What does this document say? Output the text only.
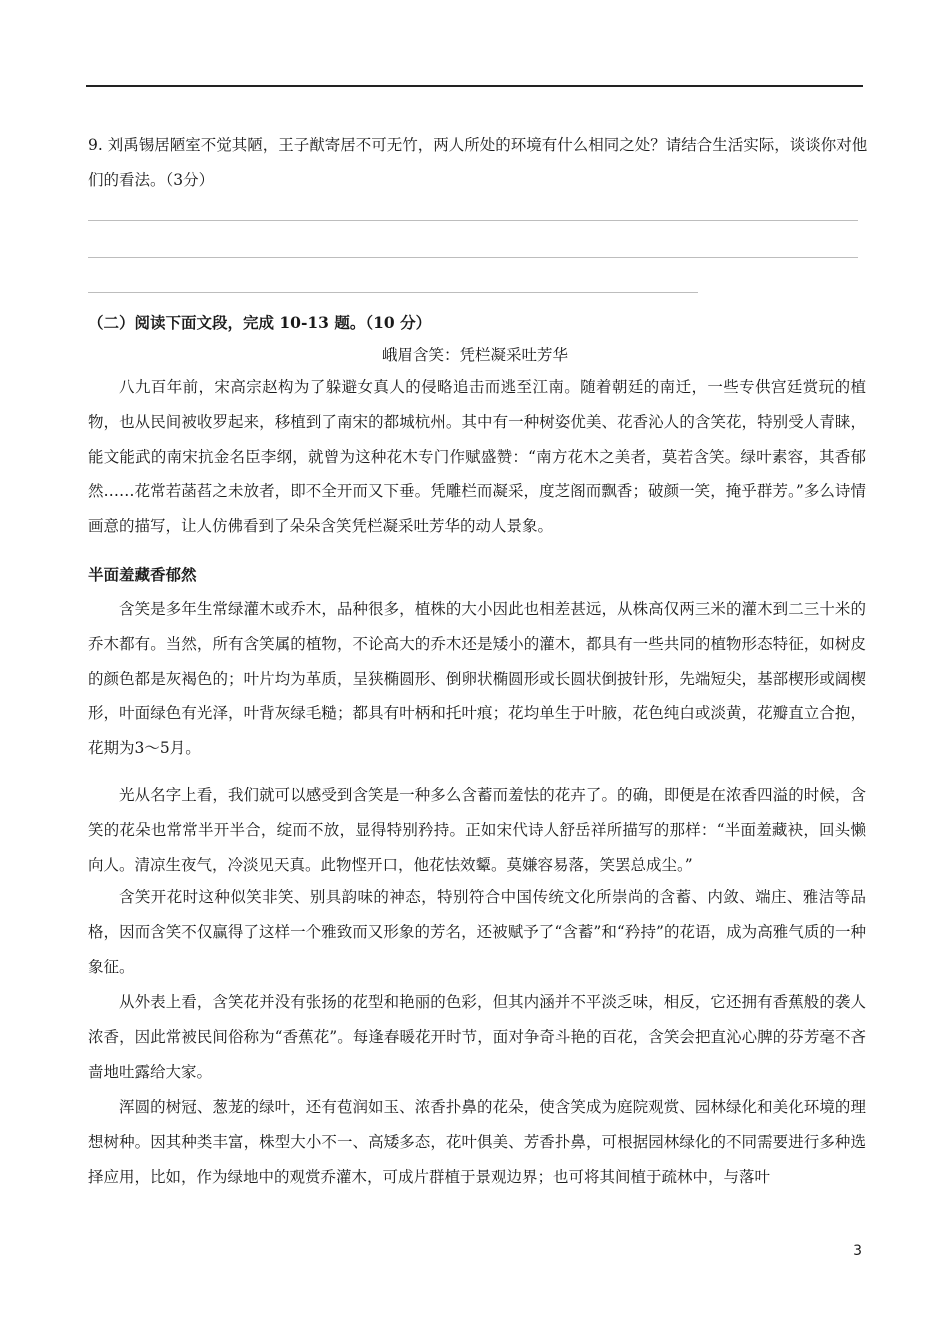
9. 刘禹锡居陋室不觉其陋，王子猷寄居不可无竹，两人所处的环境有什么相同之处？请结合生活实际，谈谈你对他们的看法。（3分）

（二）阅读下面文段，完成 10-13 题。（10 分）

峨眉含笑：凭栏凝采吐芳华

八九百年前，宋高宗赵构为了躲避女真人的侵略追击而逃至江南。随着朝廷的南迁，一些专供宫廷赏玩的植物，也从民间被收罗起来，移植到了南宋的都城杭州。其中有一种树姿优美、花香沁人的含笑花，特别受人青睐，能文能武的南宋抗金名臣李纲，就曾为这种花木专门作赋盛赞：“南方花木之美者，莫若含笑。绿叶素容，其香郁然……花常若菡萏之未放者，即不全开而又下垂。凭雕栏而凝采，度芝阁而飘香；破颜一笑，掩乎群芳。”多么诗情画意的描写，让人仿佛看到了朵朵含笑凭栏凝采吐芳华的动人景象。

半面羞藏香郁然

含笑是多年生常绿灌木或乔木，品种很多，植株的大小因此也相差甚远，从株高仅两三米的灌木到二三十米的乔木都有。当然，所有含笑属的植物，不论高大的乔木还是矮小的灌木，都具有一些共同的植物形态特征，如树皮的颜色都是灰褐色的；叶片均为革质，呈狭椭圆形、倒卵状椭圆形或长圆状倒披针形，先端短尖，基部楔形或阔楔形，叶面绿色有光泽，叶背灰绿毛糙；都具有叶柄和托叶痕；花均单生于叶腋，花色纯白或淡黄，花瓣直立合抱，花期为3～5月。

光从名字上看，我们就可以感受到含笑是一种多么含蓄而羞怯的花卉了。的确，即便是在浓香四溢的时候，含笑的花朵也常常半开半合，绽而不放，显得特别矜持。正如宋代诗人舒岳祥所描写的那样：“半面羞藏袂，回头懒向人。清凉生夜气，冷淡见天真。此物悭开口，他花怯效颦。莫嫌容易落，笑罢总成尘。”

含笑开花时这种似笑非笑、别具韵味的神态，特别符合中国传统文化所崇尚的含蓄、内敛、端庄、雅洁等品格，因而含笑不仅赢得了这样一个雅致而又形象的芳名，还被赋予了“含蓄”和“矜持”的花语，成为高雅气质的一种象征。

从外表上看，含笑花并没有张扬的花型和艳丽的色彩，但其内涵并不平淡乏味，相反，它还拥有香蕉般的袭人浓香，因此常被民间俗称为“香蕉花”。每逢春暖花开时节，面对争奇斗艳的百花，含笑会把直沁心脾的芬芳毫不吝啬地吐露给大家。

浑圆的树冠、葱茏的绿叶，还有苞润如玉、浓香扑鼻的花朵，使含笑成为庭院观赏、园林绿化和美化环境的理想树种。因其种类丰富，株型大小不一、高矮多态，花叶俱美、芳香扑鼻，可根据园林绿化的不同需要进行多种选择应用，比如，作为绿地中的观赏乔灌木，可成片群植于景观边界；也可将其间植于疏林中，与落叶

3
